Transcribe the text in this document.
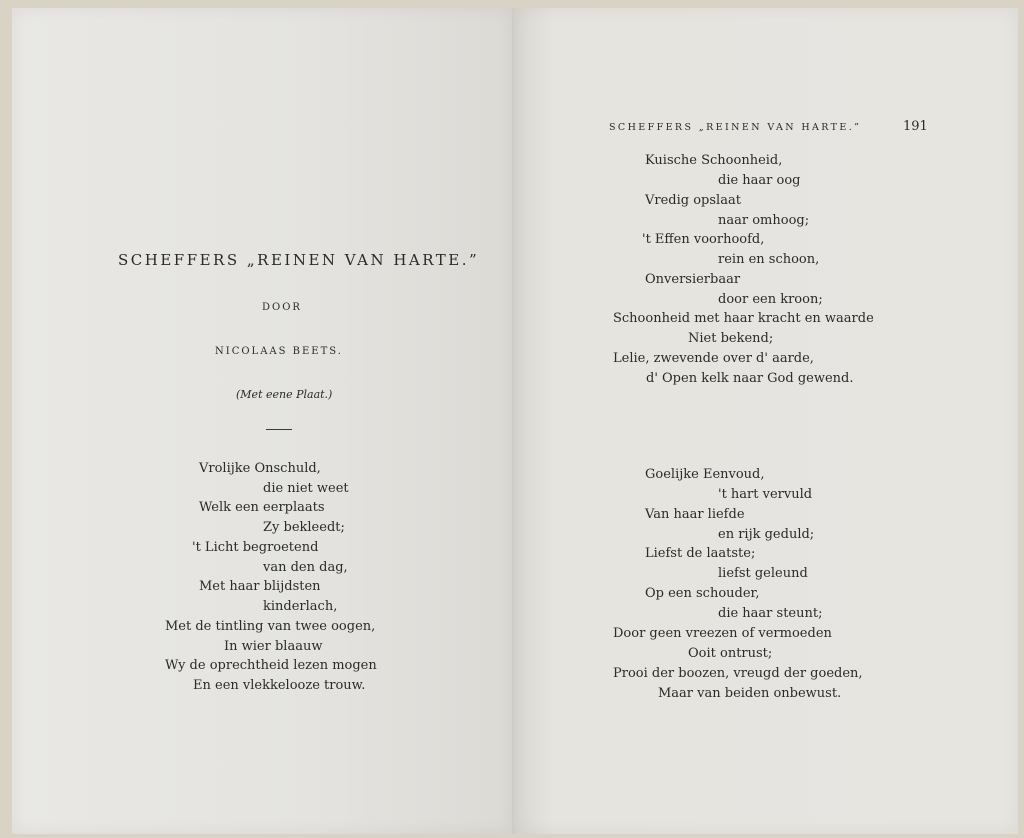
SCHEFFERS „REINEN VAN HARTE.”
DOOR
NICOLAAS BEETS.
(Met eene Plaat.)
Vrolijke Onschuld,
die niet weet
Welk een eerplaats
Zy bekleedt;
't Licht begroetend
van den dag,
Met haar blijdsten
kinderlach,
Met de tintling van twee oogen,
In wier blaauw
Wy de oprechtheid lezen mogen
En een vlekkelooze trouw.
SCHEFFERS „REINEN VAN HARTE.”	191
Kuische Schoonheid,
die haar oog
Vredig opslaat
naar omhoog;
't Effen voorhoofd,
rein en schoon,
Onversierbaar
door een kroon;
Schoonheid met haar kracht en waarde
Niet bekend;
Lelie, zwevende over d' aarde,
d' Open kelk naar God gewend.
Goelijke Eenvoud,
't hart vervuld
Van haar liefde
en rijk geduld;
Liefst de laatste;
liefst geleund
Op een schouder,
die haar steunt;
Door geen vreezen of vermoeden
Ooit ontrust;
Prooi der boozen, vreugd der goeden,
Maar van beiden onbewust.
